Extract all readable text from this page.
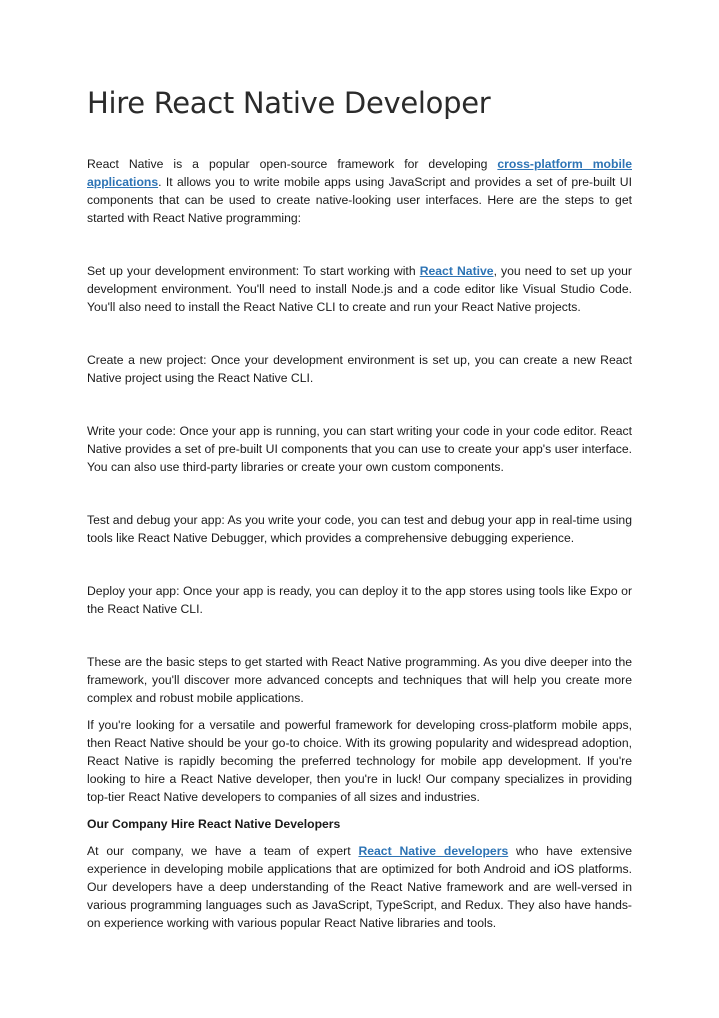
Hire React Native Developer

React Native is a popular open-source framework for developing cross-platform mobile applications. It allows you to write mobile apps using JavaScript and provides a set of pre-built UI components that can be used to create native-looking user interfaces. Here are the steps to get started with React Native programming:

Set up your development environment: To start working with React Native, you need to set up your development environment. You'll need to install Node.js and a code editor like Visual Studio Code. You'll also need to install the React Native CLI to create and run your React Native projects.

Create a new project: Once your development environment is set up, you can create a new React Native project using the React Native CLI.

Write your code: Once your app is running, you can start writing your code in your code editor. React Native provides a set of pre-built UI components that you can use to create your app's user interface. You can also use third-party libraries or create your own custom components.

Test and debug your app: As you write your code, you can test and debug your app in real-time using tools like React Native Debugger, which provides a comprehensive debugging experience.

Deploy your app: Once your app is ready, you can deploy it to the app stores using tools like Expo or the React Native CLI.

These are the basic steps to get started with React Native programming. As you dive deeper into the framework, you'll discover more advanced concepts and techniques that will help you create more complex and robust mobile applications.

If you're looking for a versatile and powerful framework for developing cross-platform mobile apps, then React Native should be your go-to choice. With its growing popularity and widespread adoption, React Native is rapidly becoming the preferred technology for mobile app development. If you're looking to hire a React Native developer, then you're in luck! Our company specializes in providing top-tier React Native developers to companies of all sizes and industries.

Our Company Hire React Native Developers

At our company, we have a team of expert React Native developers who have extensive experience in developing mobile applications that are optimized for both Android and iOS platforms. Our developers have a deep understanding of the React Native framework and are well-versed in various programming languages such as JavaScript, TypeScript, and Redux. They also have hands-on experience working with various popular React Native libraries and tools.
